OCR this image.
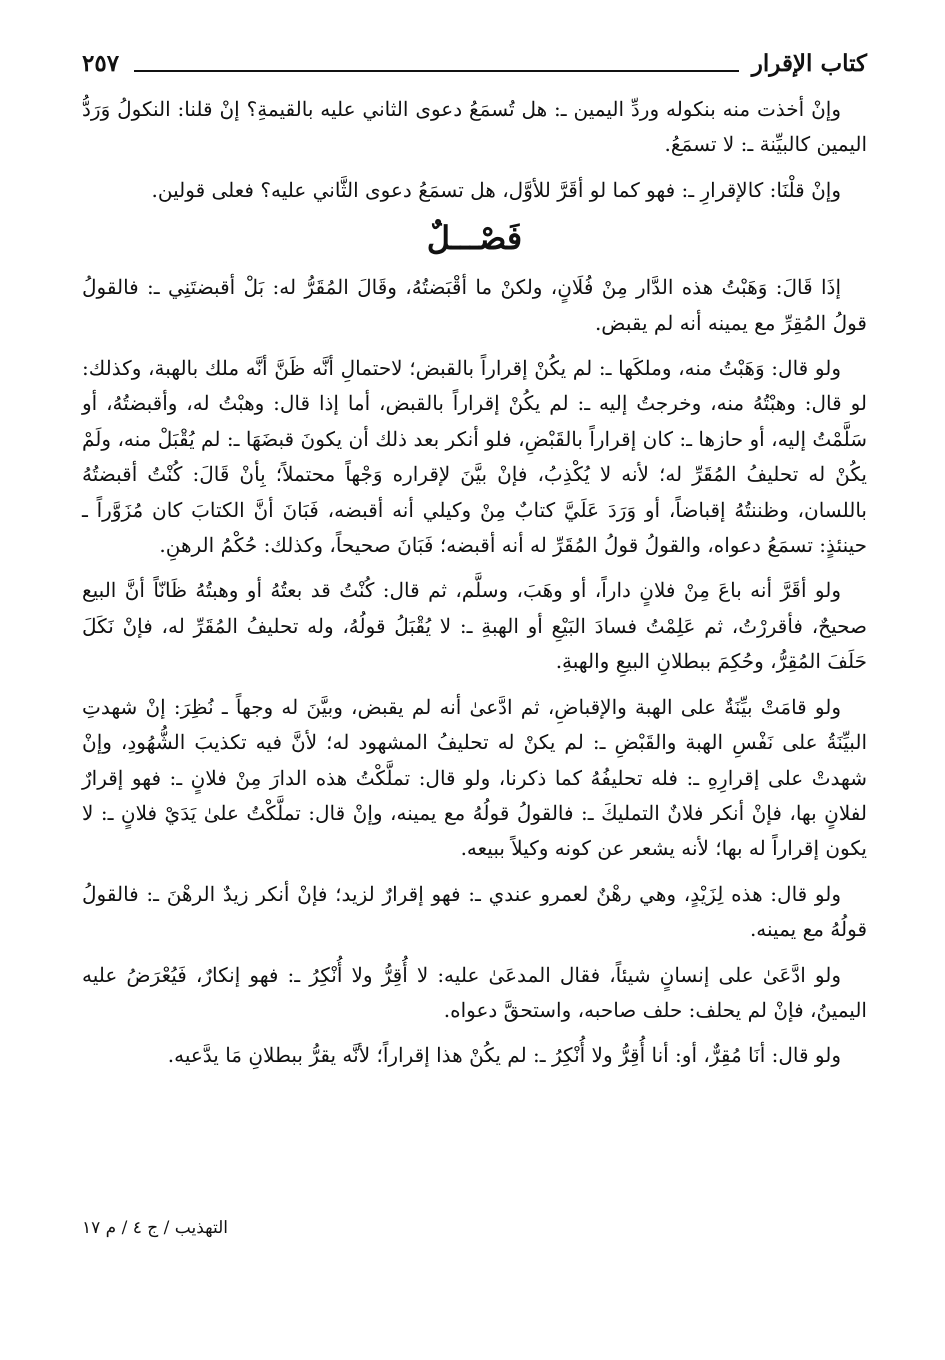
كتاب الإقرار
٢٥٧

وإنْ أخذت منه بنكوله وردِّ اليمين ـ: هل تُسمَعُ دعوى الثاني عليه بالقيمةِ؟ إنْ قلنا: النكولُ وَرَدُّ اليمين كالبيِّنة ـ: لا تسمَعُ.

وإنْ قلْنَا: كالإقرارِ ـ: فهو كما لو أقَرَّ للأوَّل، هل تسمَعُ دعوى الثَّاني عليه؟ فعلى قولين.

فَصْـــلٌ

إذَا قَالَ: وَهَبْتُ هذه الدَّار مِنْ فُلَانٍ، ولكنْ ما أقْبَضتُهُ، وقَالَ المُقَرُّ له: بَلْ أقبضتَنِي ـ: فالقولُ قولُ المُقِرِّ مع يمينه أنه لم يقبض.

ولو قال: وَهَبْتُ منه، وملكَها ـ: لم يكُنْ إقراراً بالقبض؛ لاحتمالِ أنَّه ظَنَّ أنَّه ملك بالهبة، وكذلك: لو قال: وهبْتُهُ منه، وخرجتُ إليه ـ: لم يكُنْ إقراراً بالقبض، أما إذا قال: وهبْتُ له، وأقبضتُهُ، أو سَلَّمْتُ إليه، أو حازها ـ: كان إقراراً بالقَبْضِ، فلو أنكر بعد ذلك أن يكونَ قبضَهَا ـ: لم يُقْبَلْ منه، ولَمْ يكُنْ له تحليفُ المُقَرِّ له؛ لأنه لا يُكْذِبُ، فإنْ بيَّنَ لإقراره وَجْهاً محتملاً؛ بِأنْ قَالَ: كُنْتُ أقبضتُهُ باللسان، وظننتُهُ إقباضاً، أو وَرَدَ عَلَيَّ كتابٌ مِنْ وكيلي أنه أقبضه، فَبَانَ أنَّ الكتابَ كان مُزَوَّراً ـ حينئذٍ: تسمَعُ دعواه، والقولُ قولُ المُقَرِّ له أنه أقبضه؛ فَبَانَ صحيحاً، وكذلك: حُكْمُ الرهنِ.

ولو أقَرَّ أنه باعَ مِنْ فلانٍ داراً، أو وهَبَ، وسلَّم، ثم قال: كُنْتُ قد بعتُهُ أو وهبتُهُ ظَانّاً أنَّ البيع صحيحٌ، فأقررْتُ، ثم عَلِمْتُ فسادَ البَيْعِ أو الهبةِ ـ: لا يُقْبَلُ قولُهُ، وله تحليفُ المُقَرِّ له، فإنْ نَكَلَ حَلَفَ المُقِرُّ، وحُكِمَ ببطلانِ البيعِ والهبةِ.

ولو قامَتْ بيِّنَةٌ على الهبة والإقباضِ، ثم ادَّعىٰ أنه لم يقبض، وبيَّنَ له وجهاً ـ نُظِرَ: إنْ شهدتِ البيِّنَةُ على نَفْسِ الهبة والقَبْضِ ـ: لم يكنْ له تحليفُ المشهود له؛ لأنَّ فيه تكذيبَ الشُّهُودِ، وإنْ شهدتْ على إقرارِهِ ـ: فله تحليفُهُ كما ذكرنا، ولو قال: تملَّكْتُ هذه الدارَ مِنْ فلانٍ ـ: فهو إقرارٌ لفلانٍ بها، فإنْ أنكر فلانٌ التمليكَ ـ: فالقولُ قولُهُ مع يمينه، وإنْ قال: تملَّكْتُ علىٰ يَدَيْ فلانٍ ـ: لا يكون إقراراً له بها؛ لأنه يشعر عن كونه وكيلاً ببيعه.

ولو قال: هذه لِزَيْدٍ، وهي رهْنٌ لعمرو عندي ـ: فهو إقرارٌ لزيد؛ فإنْ أنكر زيدٌ الرهْنَ ـ: فالقولُ قولُهُ مع يمينه.

ولو ادَّعَىٰ على إنسانٍ شيئاً، فقال المدعَىٰ عليه: لا أُقِرُّ ولا أُنْكِرُ ـ: فهو إنكارٌ، فَيُعْرَضُ عليه اليمينُ، فإنْ لم يحلف: حلف صاحبه، واستحقَّ دعواه.

ولو قال: أنَا مُقِرٌّ، أو: أنا أُقِرُّ ولا أُنْكِرُ ـ: لم يكُنْ هذا إقراراً؛ لأنَّه يقرُّ ببطلانِ مَا يدَّعيه.

التهذيب / ج ٤ / م ١٧
